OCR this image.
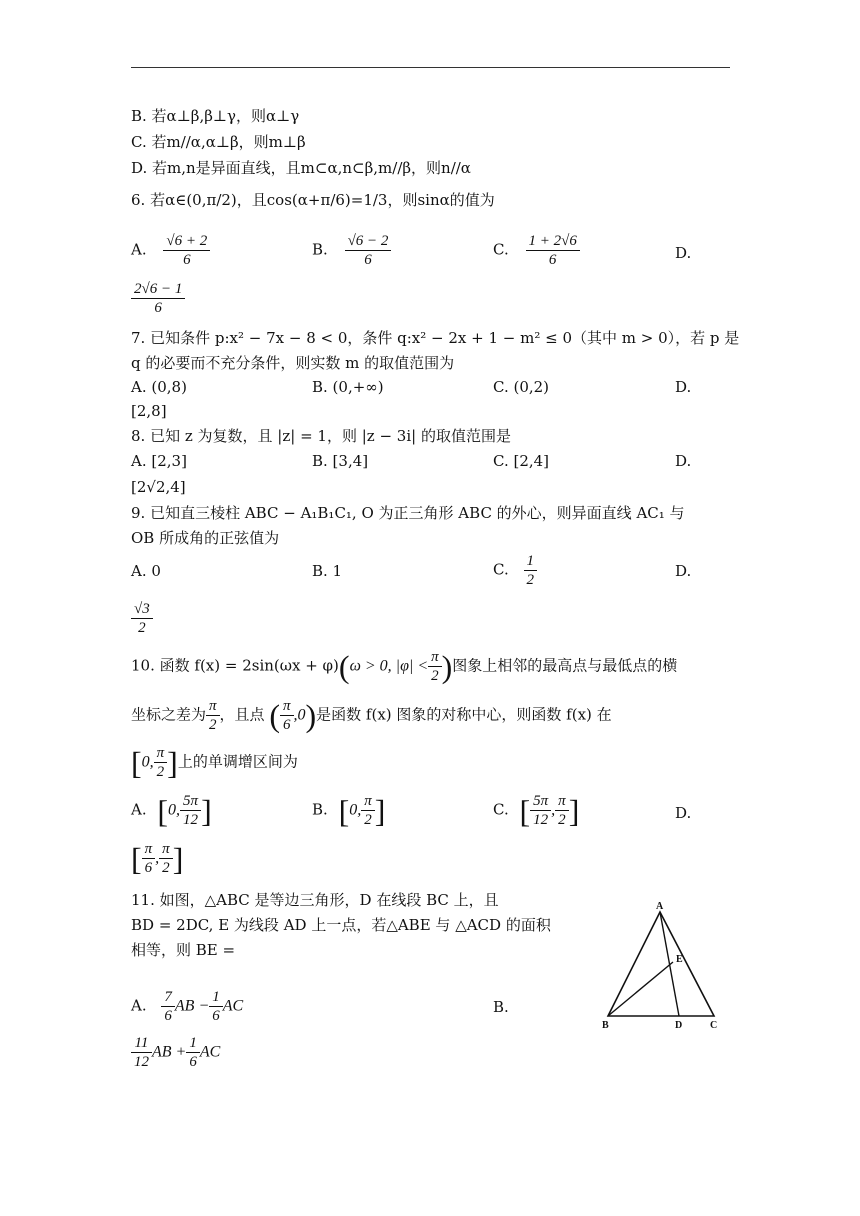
B. 若α⊥β,β⊥γ，则α⊥γ
C. 若m//α,α⊥β，则m⊥β
D. 若m,n是异面直线，且m⊂α,n⊂β,m//β，则n//α
6. 若α∈(0,π/2)，且cos(α+π/6)=1/3，则sinα的值为
A. $\frac{√6 + 2}{6}$	B. $\frac{√6 - 2}{6}$	C. $\frac{1 + 2√6}{6}$	D.
$\frac{2√6 - 1}{6}$
7. 已知条件 p:x² − 7x − 8 < 0，条件 q:x² − 2x + 1 − m² ≤ 0（其中 m > 0），若 p 是
q 的必要而不充分条件，则实数 m 的取值范围为
A. (0,8)	B. (0,+∞)	C. (0,2)	D.
[2,8]
8. 已知 z 为复数，且 |z| = 1，则 |z − 3i| 的取值范围是
A. [2,3]	B. [3,4]	C. [2,4]	D.
[2√2,4]
9. 已知直三棱柱 ABC − A₁B₁C₁, O 为正三角形 ABC 的外心，则异面直线 AC₁ 与
OB 所成角的正弦值为
A. 0	B. 1	C. $\frac{1}{2}$	D.
$\frac{√3}{2}$
10. 函数 f(x) = 2sin(ωx + φ)(ω > 0, $|\varphi| < \frac{\pi}{2}$ )图象上相邻的最高点与最低点的横
坐标之差为 $\frac{\pi}{2}$ ，且点 ( $\frac{\pi}{6} ,0$)是函数 f(x) 图象的对称中心，则函数 f(x) 在
[0, $\frac{\pi}{2}$ ]上的单调增区间为
A. [0, $\frac{5\pi}{12}$ ]	B. [0, $\frac{\pi}{2}$ ]	C. [ $\frac{5\pi}{12}$ , $\frac{\pi}{2}$ ]	D.
[ $\frac{\pi}{6}$ , $\frac{\pi}{2}$ ]
11. 如图，△ABC 是等边三角形，D 在线段 BC 上，且
BD = 2DC, E 为线段 AD 上一点，若△ABE 与 △ACD 的面积
相等，则 BE =
A. $\frac{7}{6}$ AB − $\frac{1}{6}$ AC	B.
$\frac{11}{12}$ AB + $\frac{1}{6}$ AC
A
B	C
D
E
